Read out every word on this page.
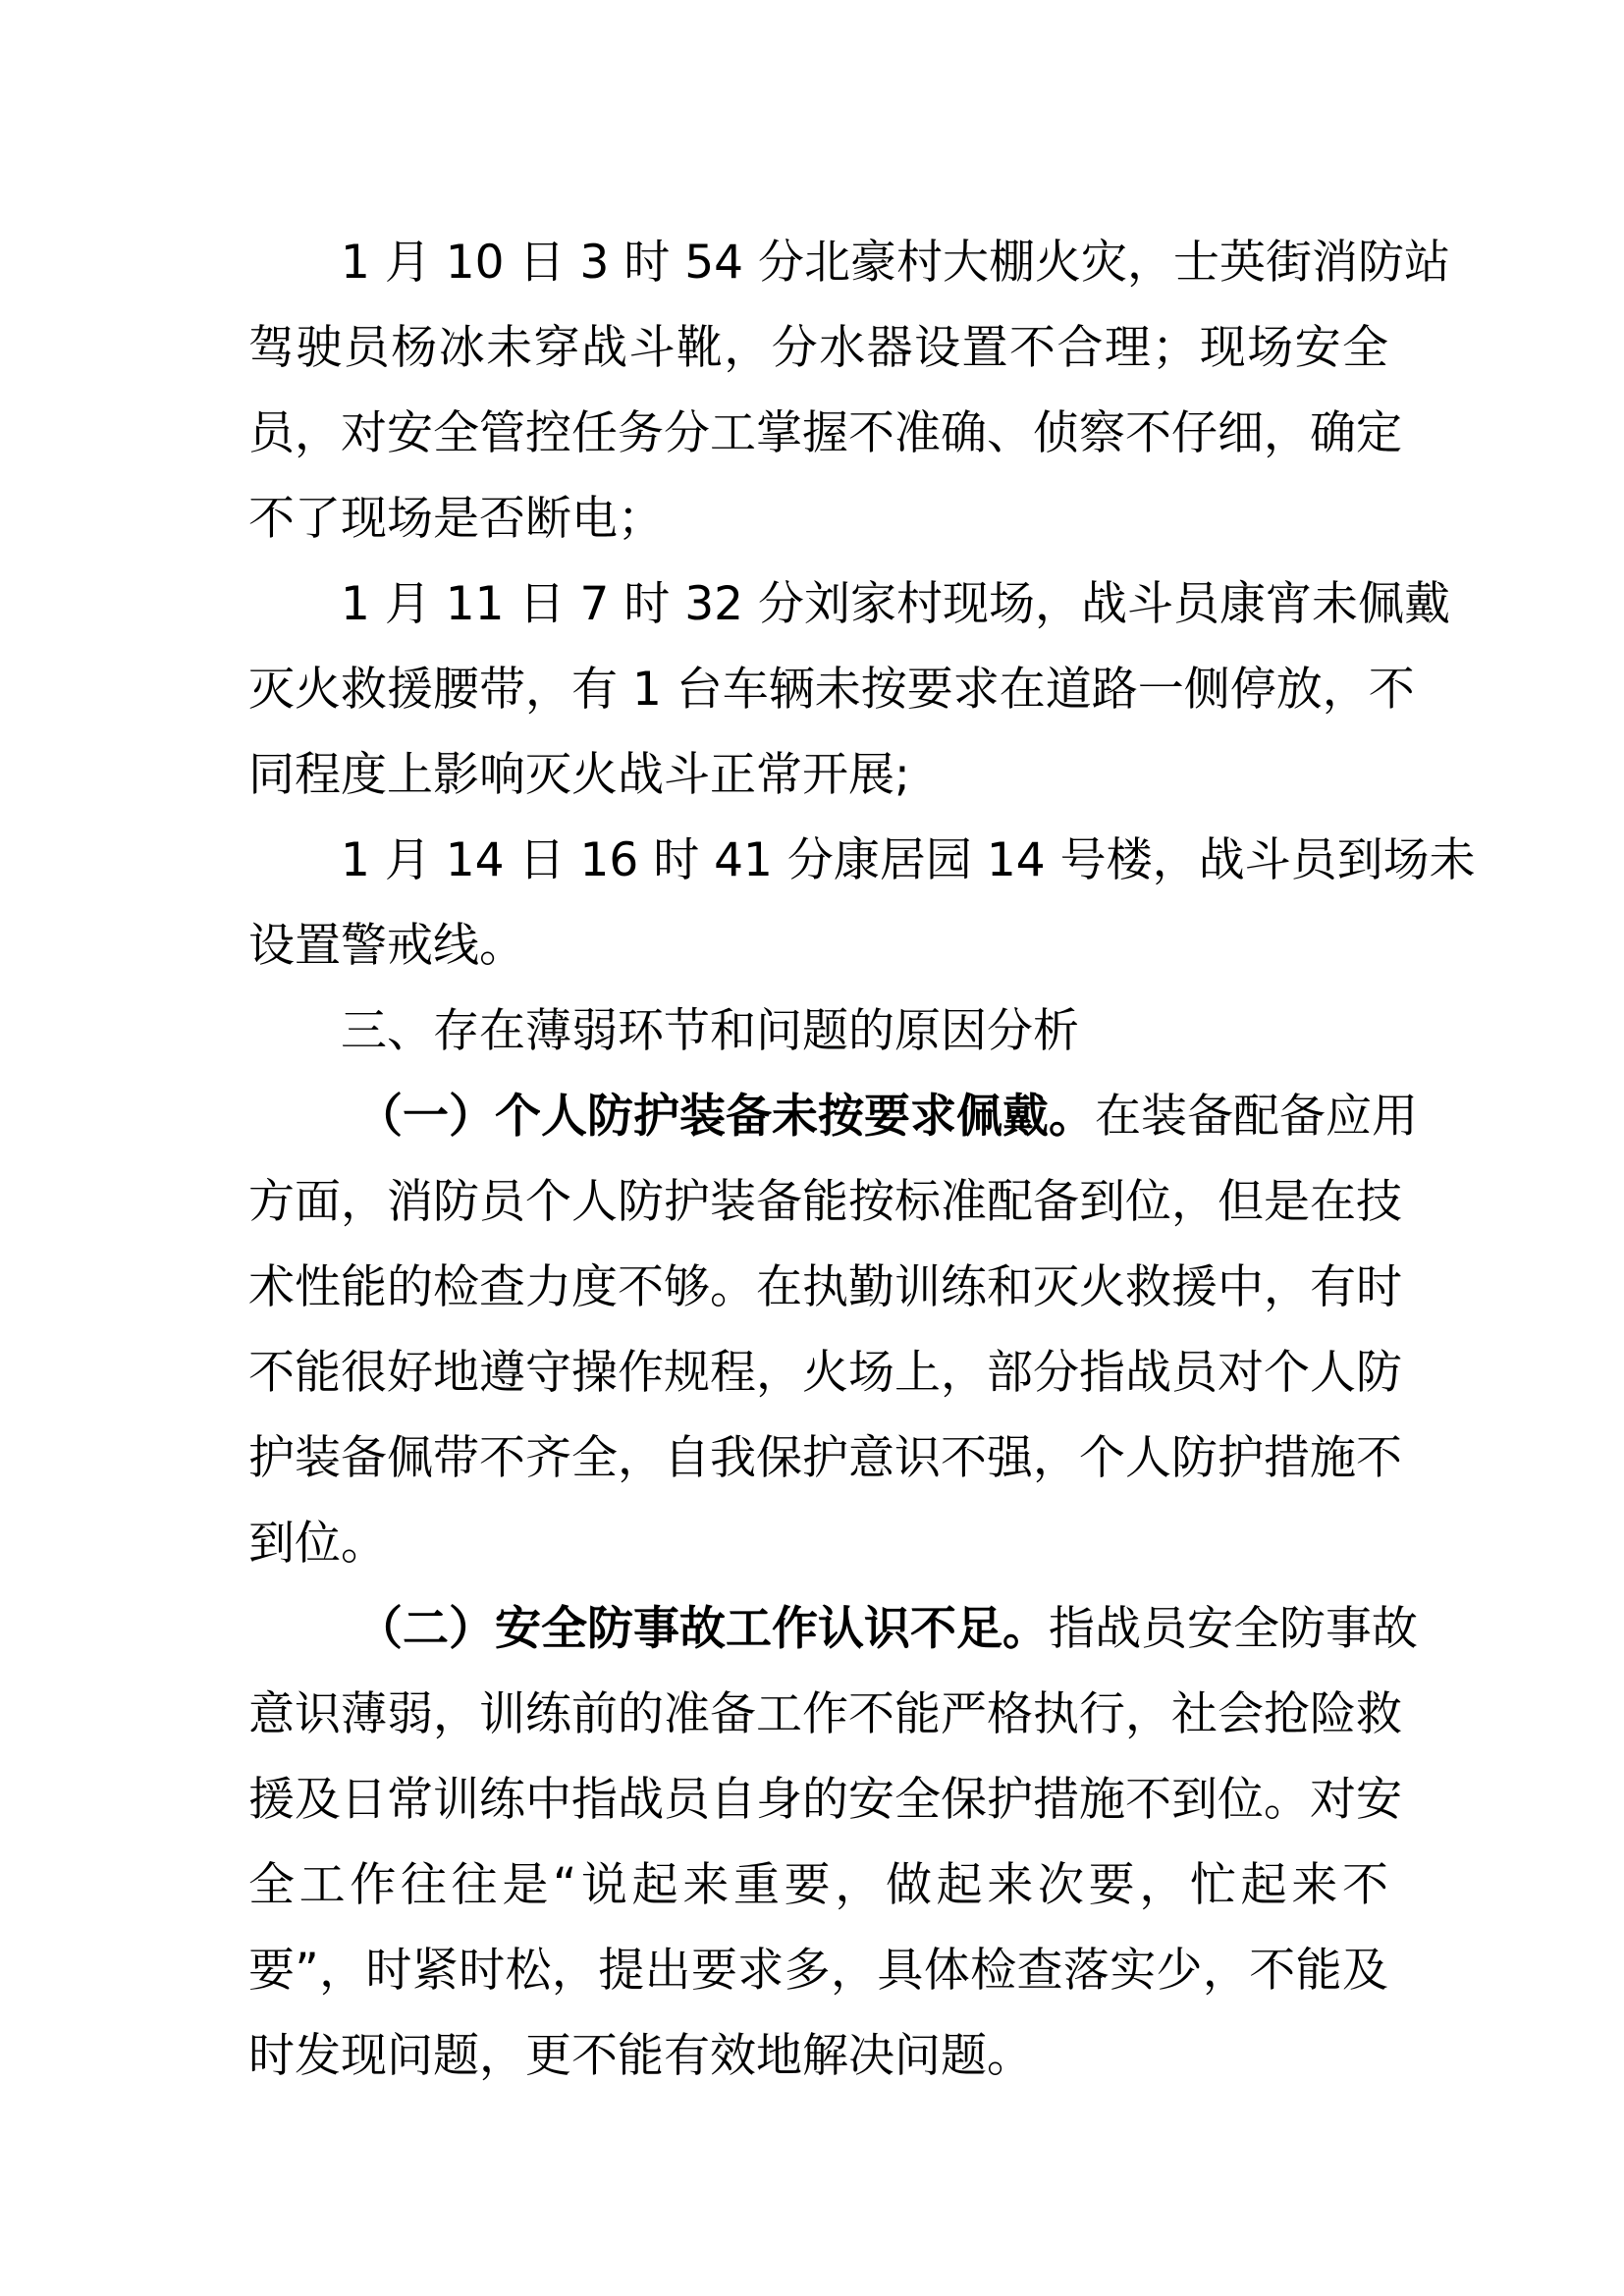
1 月 10 日 3 时 54 分北豪村大棚火灾，士英街消防站
驾驶员杨冰未穿战斗靴，分水器设置不合理；现场安全
员，对安全管控任务分工掌握不准确、侦察不仔细，确定
不了现场是否断电；
1 月 11 日 7 时 32 分刘家村现场，战斗员康宵未佩戴
灭火救援腰带，有 1 台车辆未按要求在道路一侧停放，不
同程度上影响灭火战斗正常开展;
1 月 14 日 16 时 41 分康居园 14 号楼，战斗员到场未
设置警戒线。
三、存在薄弱环节和问题的原因分析
（一）个人防护装备未按要求佩戴。在装备配备应用
方面，消防员个人防护装备能按标准配备到位，但是在技
术性能的检查力度不够。在执勤训练和灭火救援中，有时
不能很好地遵守操作规程，火场上，部分指战员对个人防
护装备佩带不齐全，自我保护意识不强，个人防护措施不
到位。
（二）安全防事故工作认识不足。指战员安全防事故
意识薄弱，训练前的准备工作不能严格执行，社会抢险救
援及日常训练中指战员自身的安全保护措施不到位。对安
全工作往往是“说起来重要，做起来次要，忙起来不
要”，时紧时松，提出要求多，具体检查落实少，不能及
时发现问题，更不能有效地解决问题。
